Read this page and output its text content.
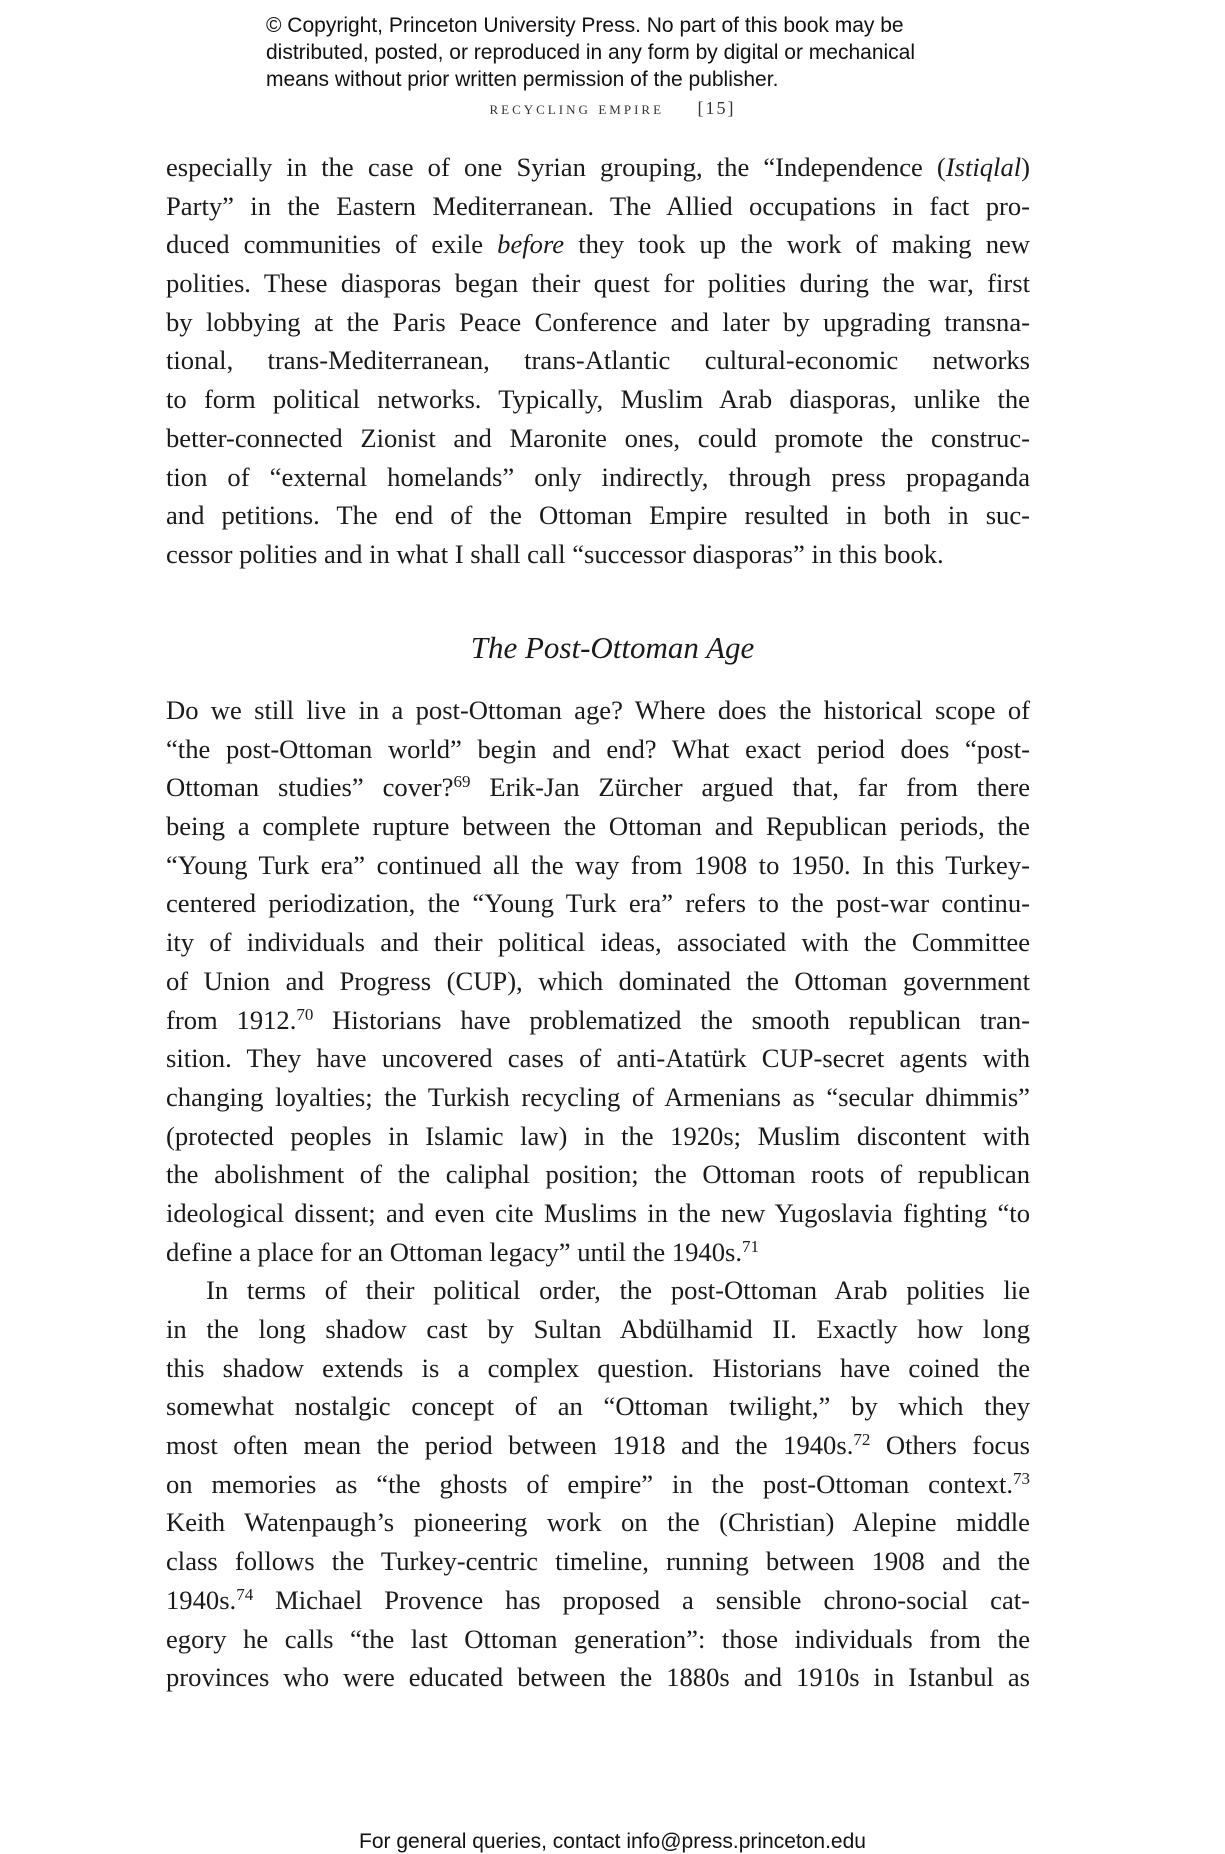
© Copyright, Princeton University Press. No part of this book may be
distributed, posted, or reproduced in any form by digital or mechanical
means without prior written permission of the publisher.
recycling empire [15]
especially in the case of one Syrian grouping, the “Independence (Istiqlal)
Party” in the Eastern Mediterranean. The Allied occupations in fact pro-
duced communities of exile before they took up the work of making new
polities. These diasporas began their quest for polities during the war, first
by lobbying at the Paris Peace Conference and later by upgrading transna-
tional, trans-Mediterranean, trans-Atlantic cultural-economic networks
to form political networks. Typically, Muslim Arab diasporas, unlike the
better-connected Zionist and Maronite ones, could promote the construc-
tion of “external homelands” only indirectly, through press propaganda
and petitions. The end of the Ottoman Empire resulted in both in suc-
cessor polities and in what I shall call “successor diasporas” in this book.
The Post-Ottoman Age
Do we still live in a post-Ottoman age? Where does the historical scope of
“the post-Ottoman world” begin and end? What exact period does “post-
Ottoman studies” cover?$^{69}$ Erik-Jan Zürcher argued that, far from there
being a complete rupture between the Ottoman and Republican periods, the
“Young Turk era” continued all the way from 1908 to 1950. In this Turkey-
centered periodization, the “Young Turk era” refers to the post-war continu-
ity of individuals and their political ideas, associated with the Committee
of Union and Progress (CUP), which dominated the Ottoman government
from 1912.70 Historians have problematized the smooth republican tran-
sition. They have uncovered cases of anti-Atatürk CUP-secret agents with
changing loyalties; the Turkish recycling of Armenians as “secular dhimmis”
(protected peoples in Islamic law) in the 1920s; Muslim discontent with
the abolishment of the caliphal position; the Ottoman roots of republican
ideological dissent; and even cite Muslims in the new Yugoslavia fighting “to
define a place for an Ottoman legacy” until the 1940s.$^{71}$
In terms of their political order, the post-Ottoman Arab polities lie
in the long shadow cast by Sultan Abdülhamid II. Exactly how long
this shadow extends is a complex question. Historians have coined the
somewhat nostalgic concept of an “Ottoman twilight,” by which they
most often mean the period between 1918 and the 1940s.$^{72}$ Others focus
on memories as “the ghosts of empire” in the post-Ottoman context.$^{73}$
Keith Watenpaugh’s pioneering work on the (Christian) Alepine middle
class follows the Turkey-centric timeline, running between 1908 and the
1940s.$^{74}$ Michael Provence has proposed a sensible chrono-social cat-
egory he calls “the last Ottoman generation”: those individuals from the
provinces who were educated between the 1880s and 1910s in Istanbul as
For general queries, contact info@press.princeton.edu
